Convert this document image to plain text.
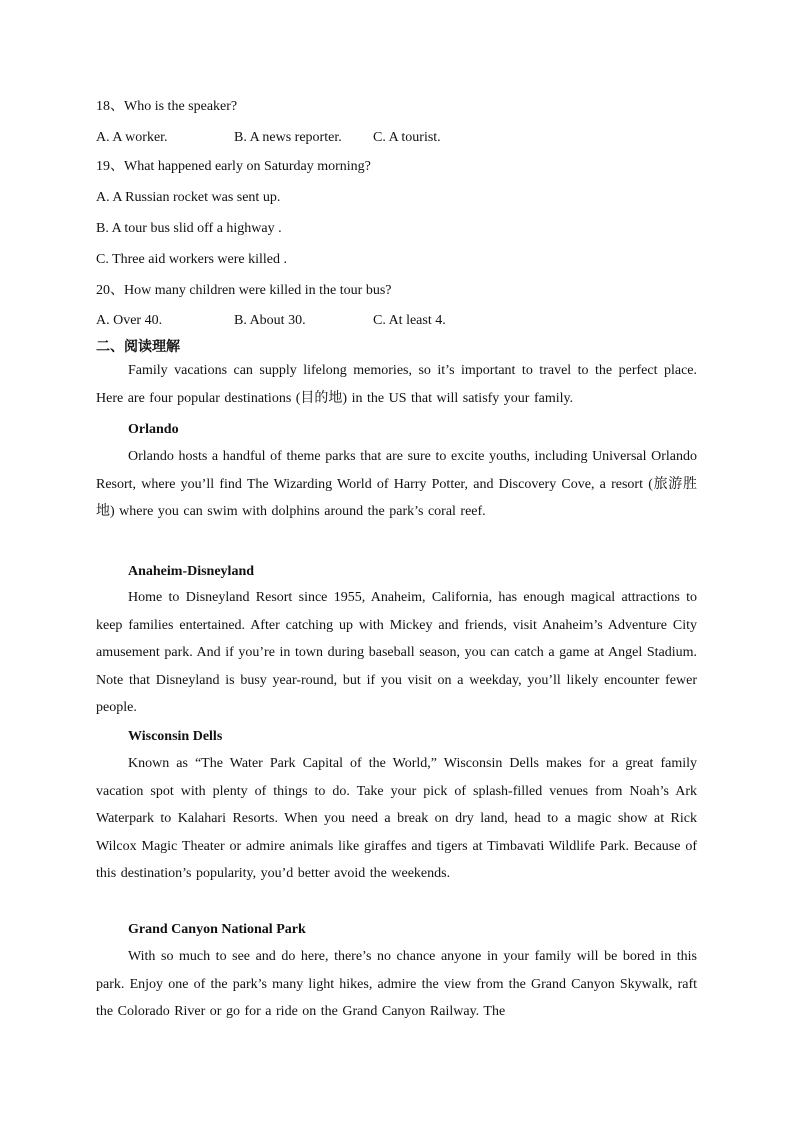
18、Who is the speaker?
A. A worker.	B. A news reporter. C. A tourist.
19、What happened early on Saturday morning?
A. A Russian rocket was sent up.
B. A tour bus slid off a highway .
C. Three aid workers were killed .
20、How many children were killed in the tour bus?
A. Over 40.	B. About 30.	C. At least 4.
二、阅读理解
Family vacations can supply lifelong memories, so it’s important to travel to the perfect place. Here are four popular destinations (目的地) in the US that will satisfy your family.
Orlando
Orlando hosts a handful of theme parks that are sure to excite youths, including Universal Orlando Resort, where you’ll find The Wizarding World of Harry Potter, and Discovery Cove, a resort (旅游胜地) where you can swim with dolphins around the park’s coral reef.
Anaheim-Disneyland
Home to Disneyland Resort since 1955, Anaheim, California, has enough magical attractions to keep families entertained. After catching up with Mickey and friends, visit Anaheim’s Adventure City amusement park. And if you’re in town during baseball season, you can catch a game at Angel Stadium. Note that Disneyland is busy year-round, but if you visit on a weekday, you’ll likely encounter fewer people.
Wisconsin Dells
Known as “The Water Park Capital of the World,” Wisconsin Dells makes for a great family vacation spot with plenty of things to do. Take your pick of splash-filled venues from Noah’s Ark Waterpark to Kalahari Resorts. When you need a break on dry land, head to a magic show at Rick Wilcox Magic Theater or admire animals like giraffes and tigers at Timbavati Wildlife Park. Because of this destination’s popularity, you’d better avoid the weekends.
Grand Canyon National Park
With so much to see and do here, there’s no chance anyone in your family will be bored in this park. Enjoy one of the park’s many light hikes, admire the view from the Grand Canyon Skywalk, raft the Colorado River or go for a ride on the Grand Canyon Railway. The
